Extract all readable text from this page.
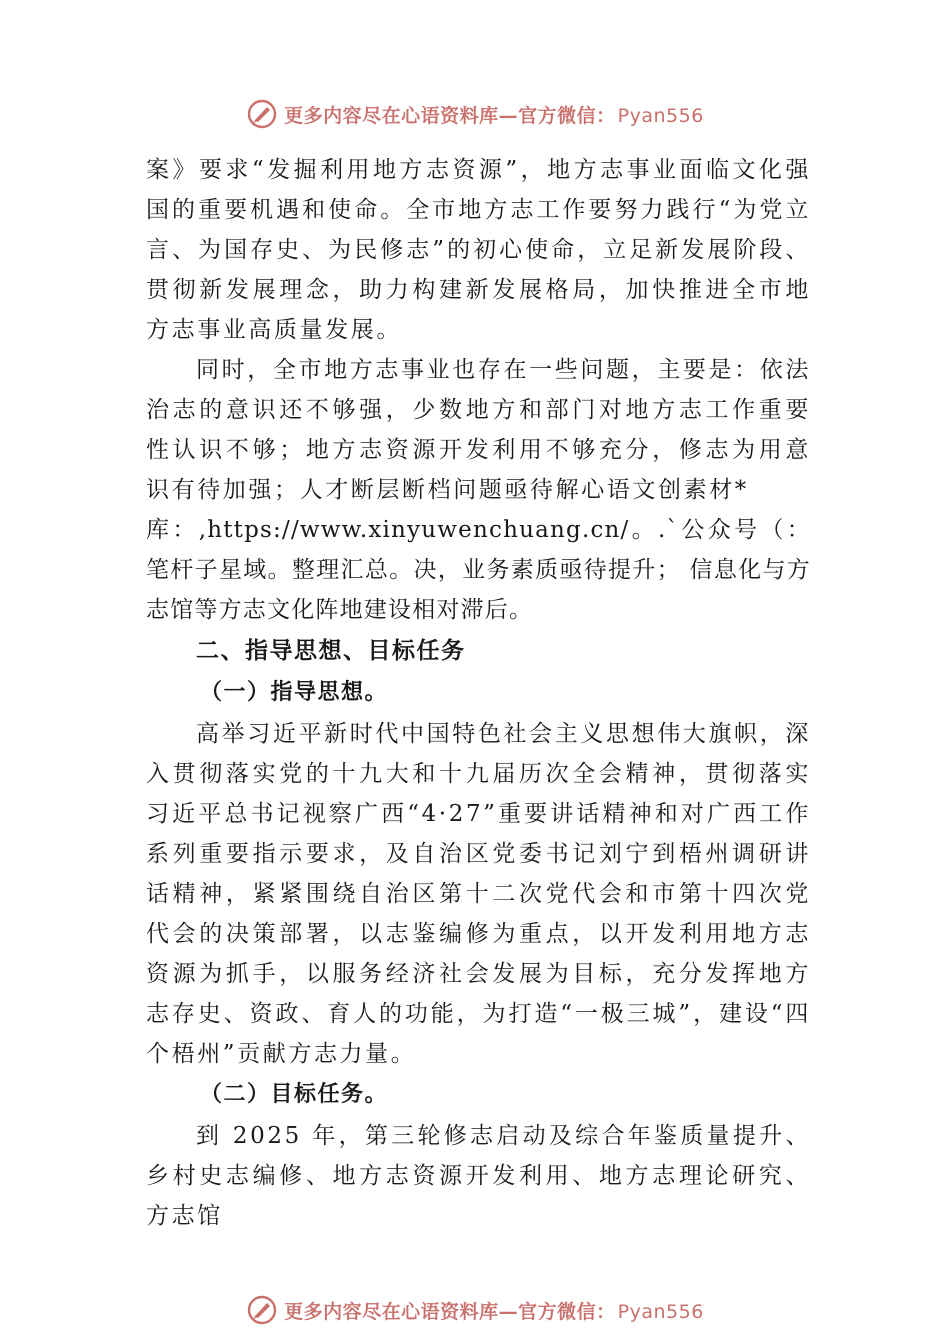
更多内容尽在心语资料库—官方微信： Pyan556

案》要求“发掘利用地方志资源”，地方志事业面临文化强国的重要机遇和使命。全市地方志工作要努力践行“为党立言、为国存史、为民修志”的初心使命，立足新发展阶段、贯彻新发展理念，助力构建新发展格局，加快推进全市地方志事业高质量发展。

同时，全市地方志事业也存在一些问题，主要是：依法治志的意识还不够强，少数地方和部门对地方志工作重要性认识不够；地方志资源开发利用不够充分，修志为用意识有待加强；人才断层断档问题亟待解心语文创素材*

库：,https://www.xinyuwenchuang.cn/。.`公众号（：笔杆子星域。整理汇总。决，业务素质亟待提升； 信息化与方志馆等方志文化阵地建设相对滞后。

二、指导思想、目标任务

（一）指导思想。

高举习近平新时代中国特色社会主义思想伟大旗帜，深入贯彻落实党的十九大和十九届历次全会精神，贯彻落实习近平总书记视察广西“4·27”重要讲话精神和对广西工作系列重要指示要求，及自治区党委书记刘宁到梧州调研讲话精神，紧紧围绕自治区第十二次党代会和市第十四次党代会的决策部署，以志鉴编修为重点，以开发利用地方志资源为抓手，以服务经济社会发展为目标，充分发挥地方志存史、资政、育人的功能，为打造“一极三城”，建设“四个梧州”贡献方志力量。

（二）目标任务。

到 2025 年，第三轮修志启动及综合年鉴质量提升、乡村史志编修、地方志资源开发利用、地方志理论研究、方志馆

更多内容尽在心语资料库—官方微信： Pyan556
